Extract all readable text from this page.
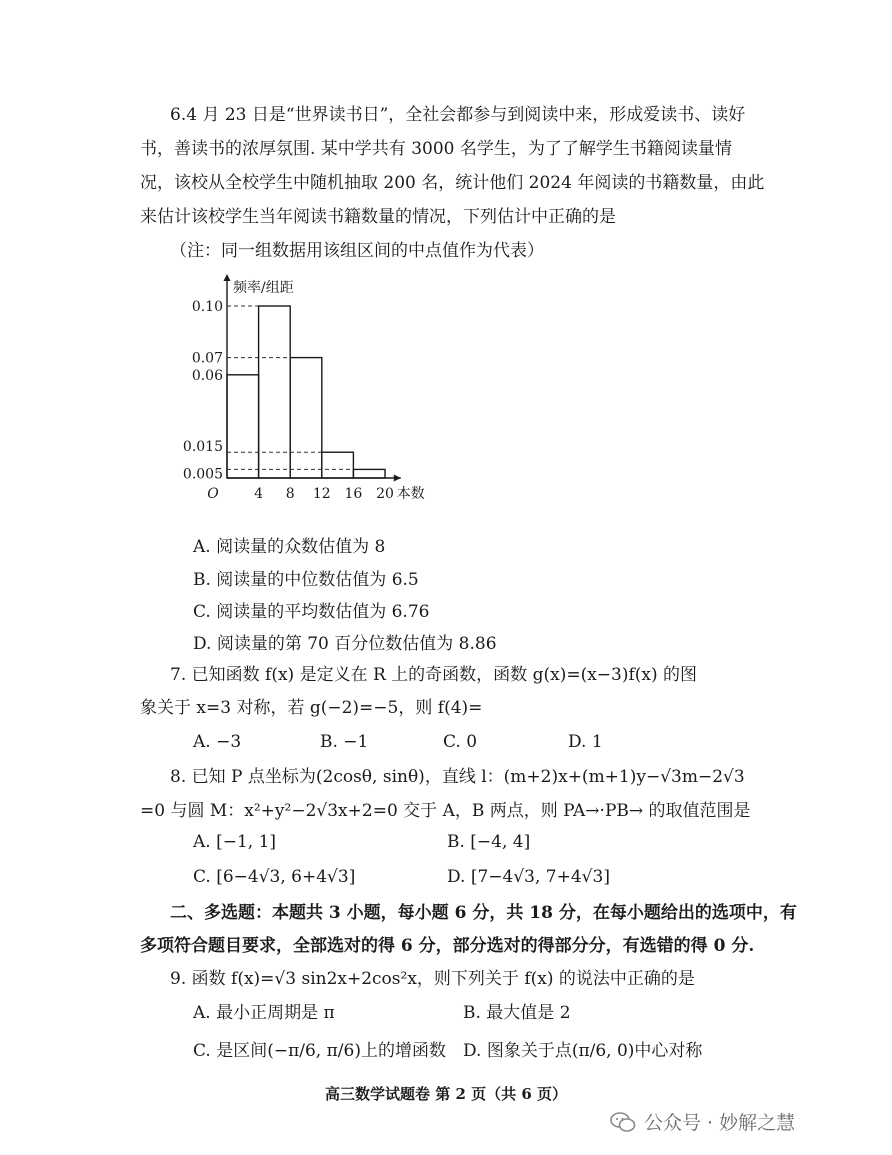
6.4 月 23 日是“世界读书日”，全社会都参与到阅读中来，形成爱读书、读好
书，善读书的浓厚氛围. 某中学共有 3000 名学生，为了了解学生书籍阅读量情
况，该校从全校学生中随机抽取 200 名，统计他们 2024 年阅读的书籍数量，由此
来估计该校学生当年阅读书籍数量的情况，下列估计中正确的是
（注：同一组数据用该组区间的中点值作为代表）
0.10
0.07
0.06
0.015
0.005
4 8 12 16 20
O
频率/组距
本数
A. 阅读量的众数估值为 8
B. 阅读量的中位数估值为 6.5
C. 阅读量的平均数估值为 6.76
D. 阅读量的第 70 百分位数估值为 8.86
7. 已知函数 f(x) 是定义在 R 上的奇函数，函数 g(x)=(x−3)f(x) 的图
象关于 x=3 对称，若 g(−2)=−5，则 f(4)=
A. −3	B. −1	C. 0	D. 1
8. 已知 P 点坐标为(2cosθ, sinθ)，直线 l：(m+2)x+(m+1)y−√3m−2√3
=0 与圆 M：x²+y²−2√3x+2=0 交于 A，B 两点，则 PA→·PB→ 的取值范围是
A. [−1, 1]	B. [−4, 4]
C. [6−4√3, 6+4√3]	D. [7−4√3, 7+4√3]
二、多选题：本题共 3 小题，每小题 6 分，共 18 分，在每小题给出的选项中，有
多项符合题目要求，全部选对的得 6 分，部分选对的得部分分，有选错的得 0 分.
9. 函数 f(x)=√3 sin2x+2cos²x，则下列关于 f(x) 的说法中正确的是
A. 最小正周期是 π	B. 最大值是 2
C. 是区间(−π/6, π/6)上的增函数 D. 图象关于点(π/6, 0)中心对称
高三数学试题卷 第 2 页（共 6 页）
公众号 · 妙解之慧
